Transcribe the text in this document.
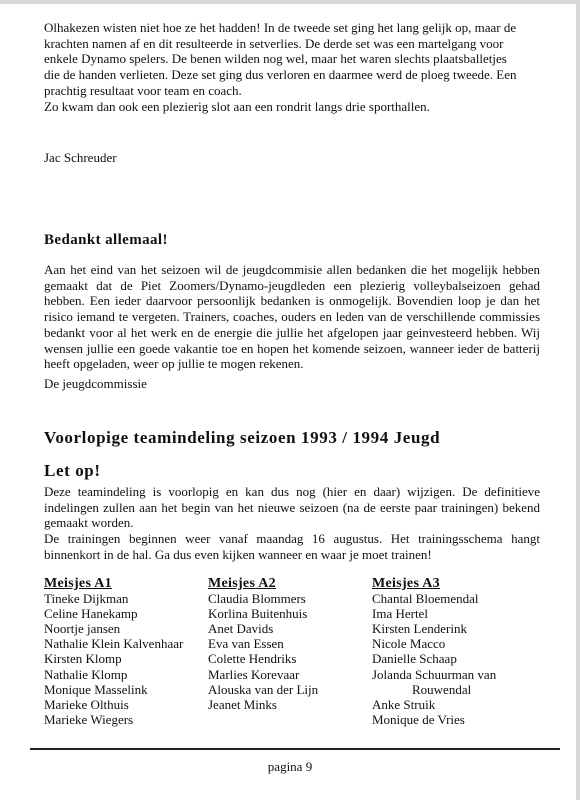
Olhakezen wisten niet hoe ze het hadden! In de tweede set ging het lang gelijk op, maar de
krachten namen af en dit resulteerde in setverlies. De derde set was een martelgang voor
enkele Dynamo spelers. De benen wilden nog wel, maar het waren slechts plaatsballetjes
die de handen verlieten. Deze set ging dus verloren en daarmee werd de ploeg tweede. Een
prachtig resultaat voor team en coach.
Zo kwam dan ook een plezierig slot aan een rondrit langs drie sporthallen.

Jac Schreuder

Bedankt allemaal!

Aan het eind van het seizoen wil de jeugdcommisie allen bedanken die het mogelijk hebben gemaakt dat de Piet Zoomers/Dynamo-jeugdleden een plezierig volleybalseizoen gehad hebben. Een ieder daarvoor persoonlijk bedanken is onmogelijk. Bovendien loop je dan het risico iemand te vergeten. Trainers, coaches, ouders en leden van de verschillende commissies bedankt voor al het werk en de energie die jullie het afgelopen jaar geinvesteerd hebben. Wij wensen jullie een goede vakantie toe en hopen het komende seizoen, wanneer ieder de batterij heeft opgeladen, weer op jullie te mogen rekenen.

De jeugdcommissie

Voorlopige teamindeling seizoen 1993 / 1994 Jeugd
Let op!

Deze teamindeling is voorlopig en kan dus nog (hier en daar) wijzigen. De definitieve indelingen zullen aan het begin van het nieuwe seizoen (na de eerste paar trainingen) bekend gemaakt worden.

De trainingen beginnen weer vanaf maandag 16 augustus. Het trainingsschema hangt binnenkort in de hal. Ga dus even kijken wanneer en waar je moet trainen!

Meisjes A1
Tineke Dijkman
Celine Hanekamp
Noortje jansen
Nathalie Klein Kalvenhaar
Kirsten Klomp
Nathalie Klomp
Monique Masselink
Marieke Olthuis
Marieke Wiegers
Meisjes A2
Claudia Blommers
Korlina Buitenhuis
Anet Davids
Eva van Essen
Colette Hendriks
Marlies Korevaar
Alouska van der Lijn
Jeanet Minks
Meisjes A3
Chantal Bloemendal
Ima Hertel
Kirsten Lenderink
Nicole Macco
Danielle Schaap
Jolanda Schuurman van
Rouwendal
Anke Struik
Monique de Vries
pagina 9
